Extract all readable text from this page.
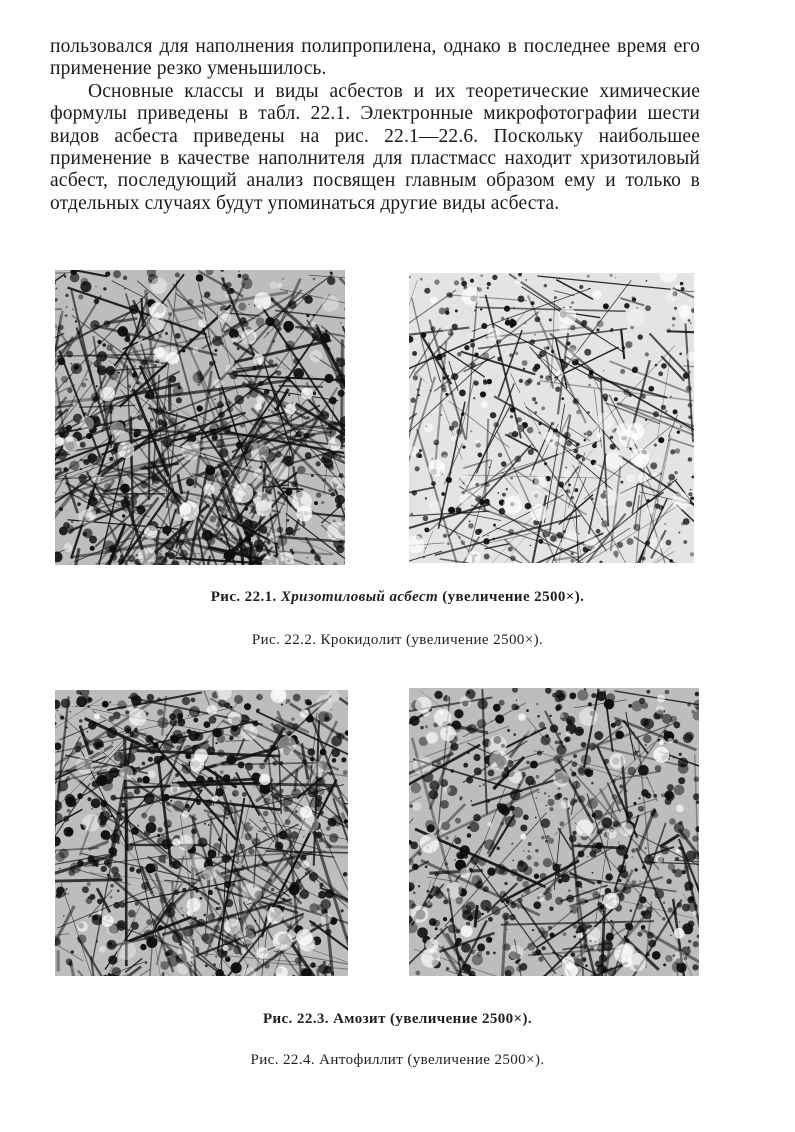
пользовался для наполнения полипропилена, однако в последнее время его применение резко уменьшилось.

Основные классы и виды асбестов и их теоретические химические формулы приведены в табл. 22.1. Электронные микрофотографии шести видов асбеста приведены на рис. 22.1—22.6. Поскольку наибольшее применение в качестве наполнителя для пластмасс находит хризотиловый асбест, последующий анализ посвящен главным образом ему и только в отдельных случаях будут упоминаться другие виды асбеста.

Рис. 22.1. Хризотиловый асбест (увеличение 2500×).
Рис. 22.2. Крокидолит (увеличение 2500×).
Рис. 22.3. Амозит (увеличение 2500×).
Рис. 22.4. Антофиллит (увеличение 2500×).
